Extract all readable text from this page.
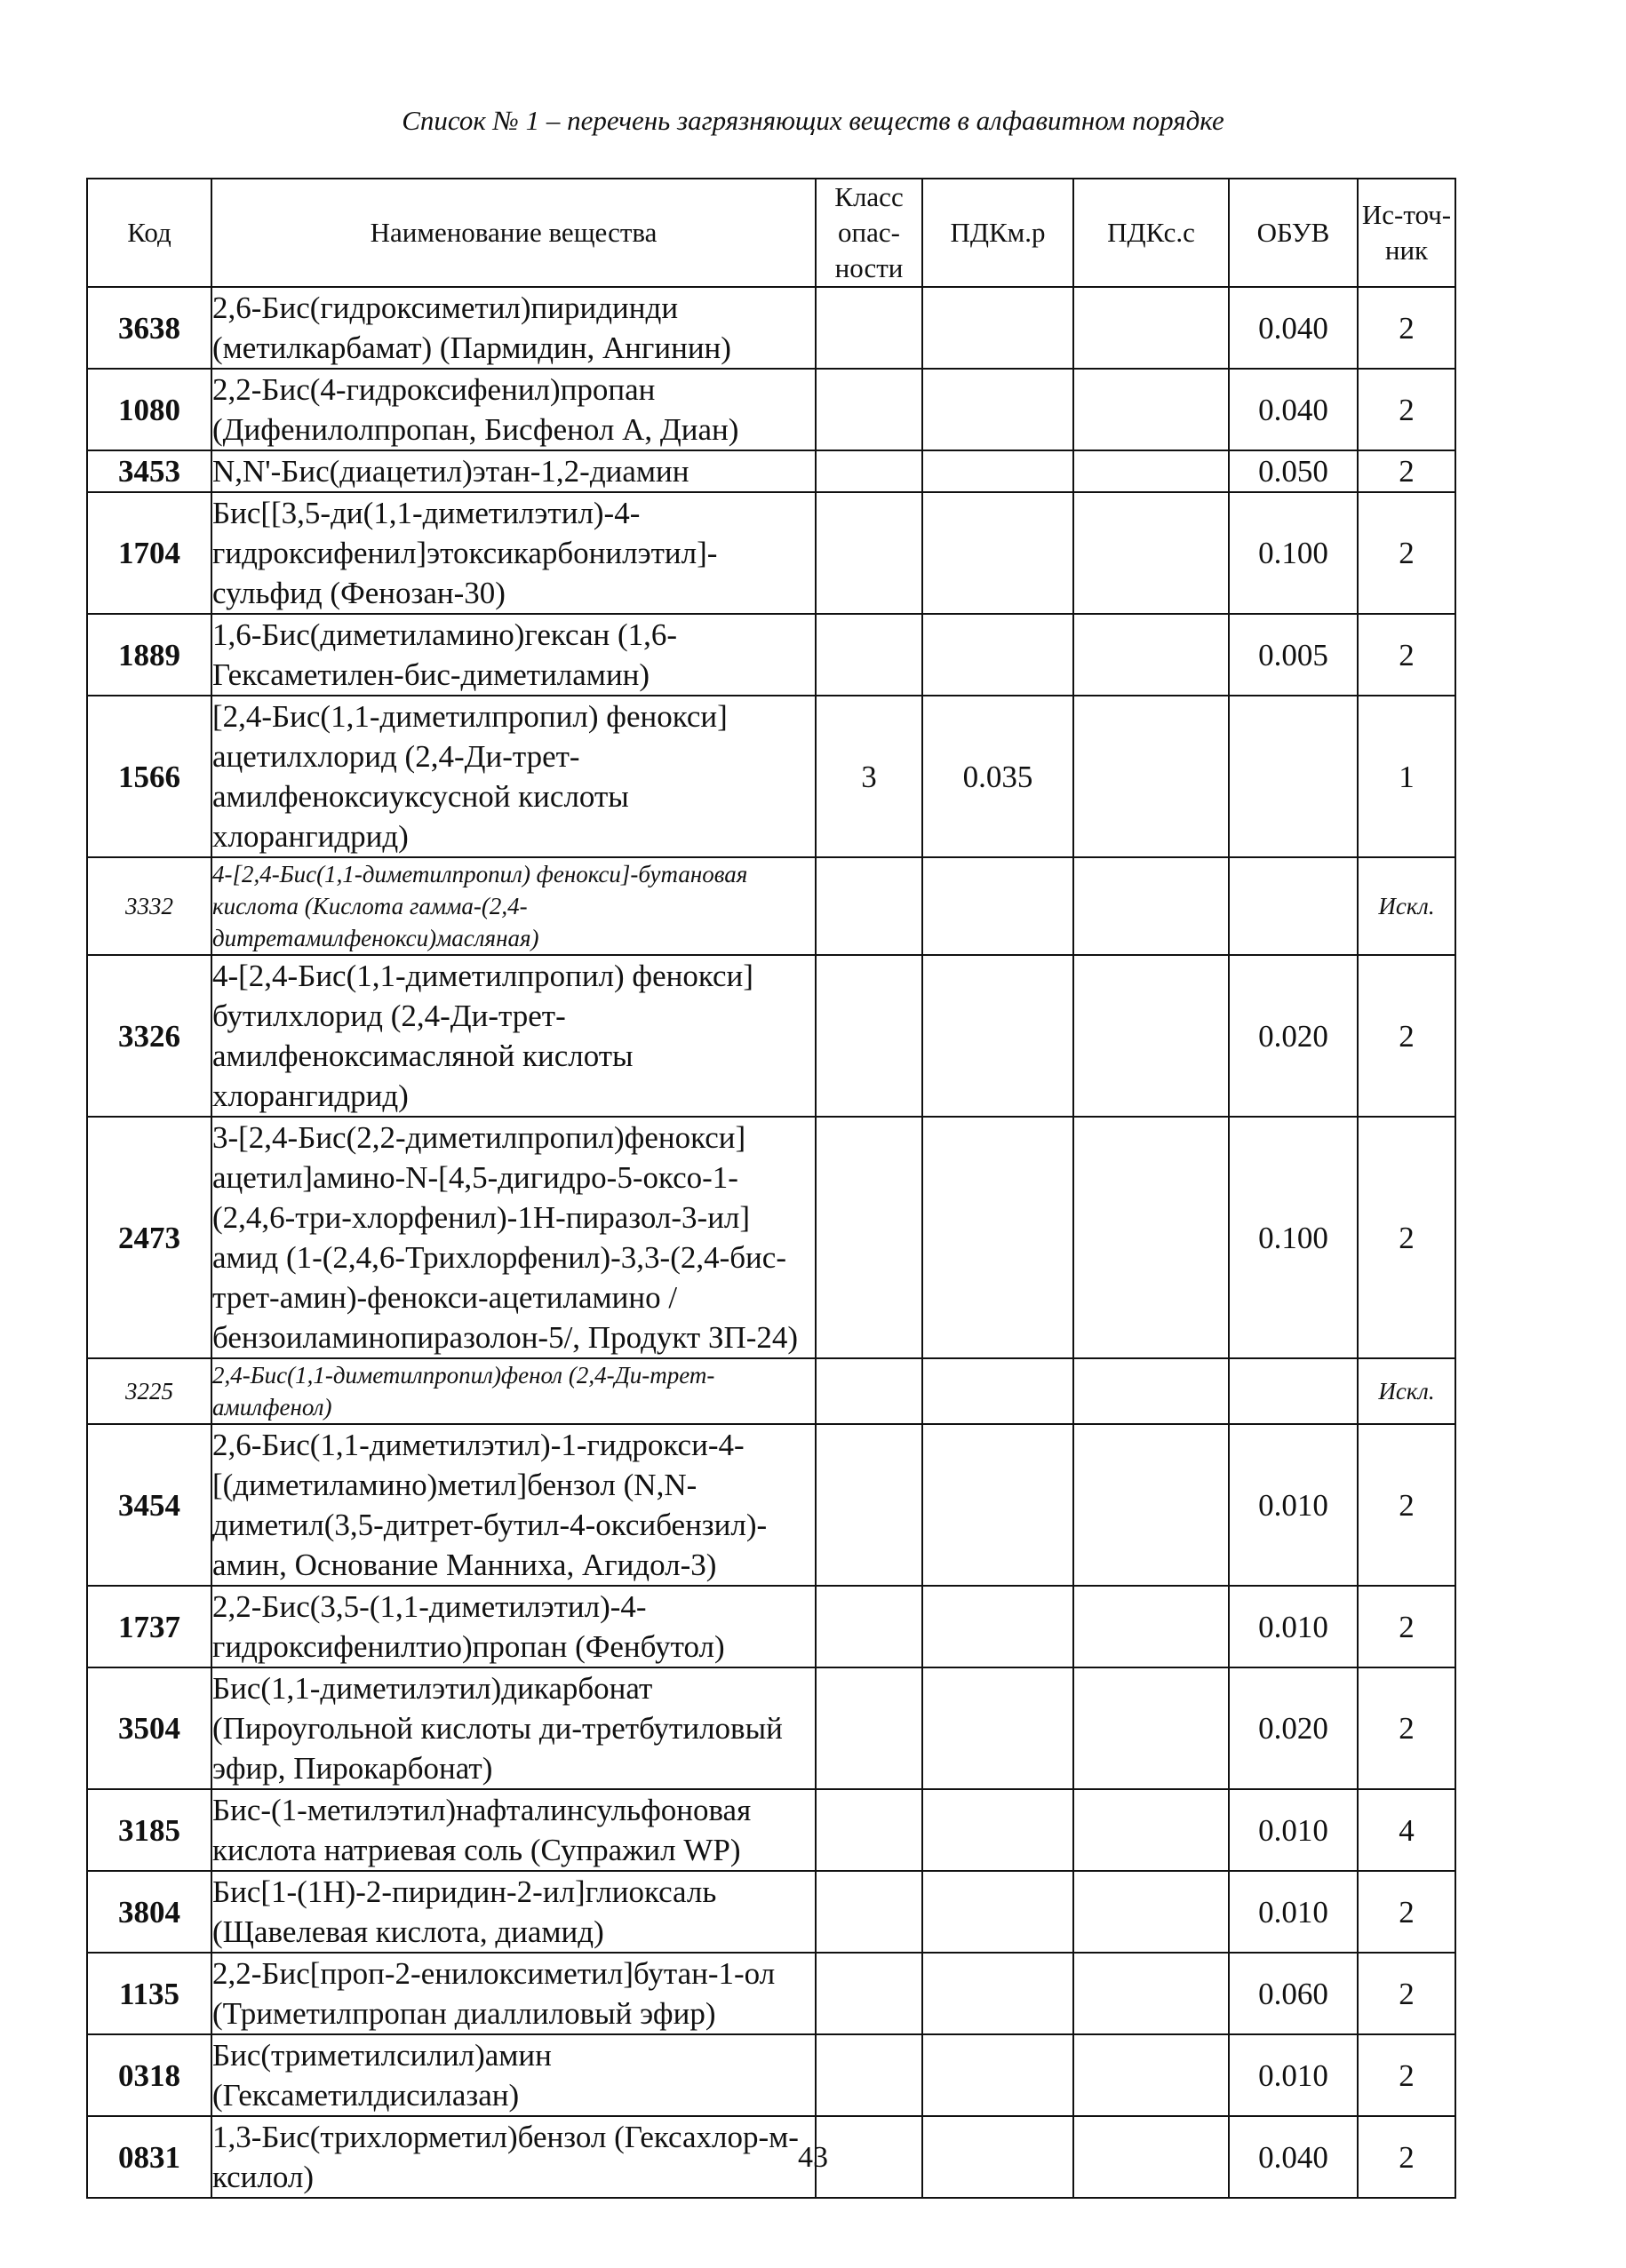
Список № 1 – перечень загрязняющих веществ в алфавитном порядке
Код	Наименование вещества	Класс опас-ности	ПДКм.р	ПДКс.с	ОБУВ	Ис-точ-ник
3638	2,6-Бис(гидроксиметил)пиридинди (метилкарбамат) (Пармидин, Ангинин)				0.040	2
1080	2,2-Бис(4-гидроксифенил)пропан (Дифенилолпропан, Бисфенол А, Диан)				0.040	2
3453	N,N'-Бис(диацетил)этан-1,2-диамин				0.050	2
1704	Бис[[3,5-ди(1,1-диметилэтил)-4-гидроксифенил]этоксикарбонилэтил]-сульфид (Фенозан-30)				0.100	2
1889	1,6-Бис(диметиламино)гексан (1,6-Гексаметилен-бис-диметиламин)				0.005	2
1566	[2,4-Бис(1,1-диметилпропил) фенокси] ацетилхлорид (2,4-Ди-трет-амилфеноксиуксусной кислоты хлорангидрид)	3	0.035			1
3332	4-[2,4-Бис(1,1-диметилпропил) фенокси]-бутановая кислота (Кислота гамма-(2,4-дитретамилфенокси)масляная)					Искл.
3326	4-[2,4-Бис(1,1-диметилпропил) фенокси] бутилхлорид (2,4-Ди-трет-амилфеноксимасляной кислоты хлорангидрид)				0.020	2
2473	3-[2,4-Бис(2,2-диметилпропил)фенокси] ацетил]амино-N-[4,5-дигидро-5-оксо-1-(2,4,6-три-хлорфенил)-1Н-пиразол-3-ил] амид (1-(2,4,6-Трихлорфенил)-3,3-(2,4-бис-трет-амин)-фенокси-ацетиламино /бензоиламинопиразолон-5/, Продукт ЗП-24)				0.100	2
3225	2,4-Бис(1,1-диметилпропил)фенол (2,4-Ди-трет-амилфенол)					Искл.
3454	2,6-Бис(1,1-диметилэтил)-1-гидрокси-4-[(диметиламино)метил]бензол (N,N-диметил(3,5-дитрет-бутил-4-оксибензил)-амин, Основание Манниха, Агидол-3)				0.010	2
1737	2,2-Бис(3,5-(1,1-диметилэтил)-4-гидроксифенилтио)пропан (Фенбутол)				0.010	2
3504	Бис(1,1-диметилэтил)дикарбонат (Пироугольной кислоты ди-третбутиловый эфир, Пирокарбонат)				0.020	2
3185	Бис-(1-метилэтил)нафталинсульфоновая кислота натриевая соль (Супражил WP)				0.010	4
3804	Бис[1-(1Н)-2-пиридин-2-ил]глиоксаль (Щавелевая кислота, диамид)				0.010	2
1135	2,2-Бис[проп-2-енилоксиметил]бутан-1-ол (Триметилпропан диаллиловый эфир)				0.060	2
0318	Бис(триметилсилил)амин (Гексаметилдисилазан)				0.010	2
0831	1,3-Бис(трихлорметил)бензол (Гексахлор-м-ксилол)				0.040	2
43
